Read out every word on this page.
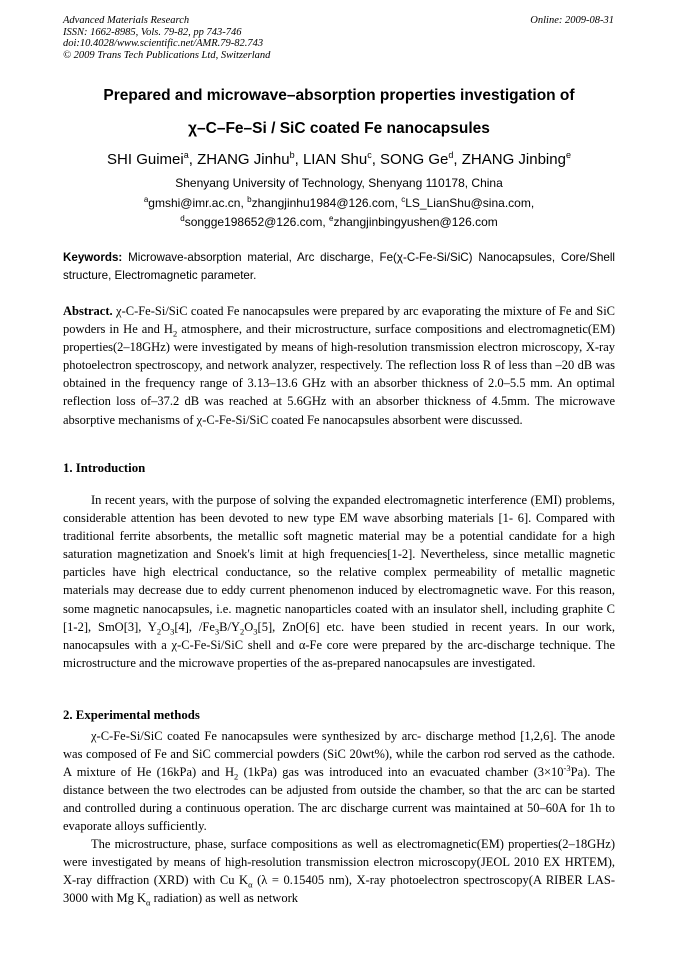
Advanced Materials Research
ISSN: 1662-8985, Vols. 79-82, pp 743-746
doi:10.4028/www.scientific.net/AMR.79-82.743
© 2009 Trans Tech Publications Ltd, Switzerland
Online: 2009-08-31
Prepared and microwave–absorption properties investigation of
χ–C–Fe–Si / SiC coated Fe nanocapsules
SHI Guimei$^a$, ZHANG Jinhu$^b$, LIAN Shu$^c$, SONG Ge$^d$, ZHANG Jinbing$^e$
Shenyang University of Technology, Shenyang 110178, China
$^a$gmshi@imr.ac.cn, $^b$zhangjinhu1984@126.com, $^c$LS_LianShu@sina.com,
$^d$songge198652@126.com, $^e$zhangjinbingyushen@126.com
Keywords: Microwave-absorption material, Arc discharge, Fe(χ-C-Fe-Si/SiC) Nanocapsules, Core/Shell structure, Electromagnetic parameter.
Abstract. χ-C-Fe-Si/SiC coated Fe nanocapsules were prepared by arc evaporating the mixture of Fe and SiC powders in He and $H_2$ atmosphere, and their microstructure, surface compositions and electromagnetic(EM) properties(2–18GHz) were investigated by means of high-resolution transmission electron microscopy, X-ray photoelectron spectroscopy, and network analyzer, respectively. The reflection loss R of less than –20 dB was obtained in the frequency range of 3.13–13.6 GHz with an absorber thickness of 2.0–5.5 mm. An optimal reflection loss of–37.2 dB was reached at 5.6GHz with an absorber thickness of 4.5mm. The microwave absorptive mechanisms of χ-C-Fe-Si/SiC coated Fe nanocapsules absorbent were discussed.
1. Introduction
In recent years, with the purpose of solving the expanded electromagnetic interference (EMI) problems, considerable attention has been devoted to new type EM wave absorbing materials [1- 6]. Compared with traditional ferrite absorbents, the metallic soft magnetic material may be a potential candidate for a high saturation magnetization and Snoek's limit at high frequencies[1-2]. Nevertheless, since metallic magnetic particles have high electrical conductance, so the relative complex permeability of metallic magnetic materials may decrease due to eddy current phenomenon induced by electromagnetic wave. For this reason, some magnetic nanocapsules, i.e. magnetic nanoparticles coated with an insulator shell, including graphite C [1-2], SmO[3], $Y_2O_3[4]$, $/Fe_3B/Y_2O_3[5]$, ZnO[6] etc. have been studied in recent years. In our work, nanocapsules with a χ-C-Fe-Si/SiC shell and α-Fe core were prepared by the arc-discharge technique. The microstructure and the microwave properties of the as-prepared nanocapsules are investigated.
2. Experimental methods
χ-C-Fe-Si/SiC coated Fe nanocapsules were synthesized by arc- discharge method [1,2,6]. The anode was composed of Fe and SiC commercial powders (SiC 20wt%), while the carbon rod served as the cathode. A mixture of He (16kPa) and $H_2$ (1kPa) gas was introduced into an evacuated chamber $(3\times 10^{-3}Pa)$. The distance between the two electrodes can be adjusted from outside the chamber, so that the arc can be started and controlled during a continuous operation. The arc discharge current was maintained at 50–60A for 1h to evaporate alloys sufficiently.
The microstructure, phase, surface compositions as well as electromagnetic(EM) properties(2–18GHz) were investigated by means of high-resolution transmission electron microscopy(JEOL 2010 EX HRTEM), X-ray diffraction (XRD) with Cu $K_\alpha$ (λ = 0.15405 nm), X-ray photoelectron spectroscopy(A RIBER LAS-3000 with Mg $K_\alpha$ radiation) as well as network
